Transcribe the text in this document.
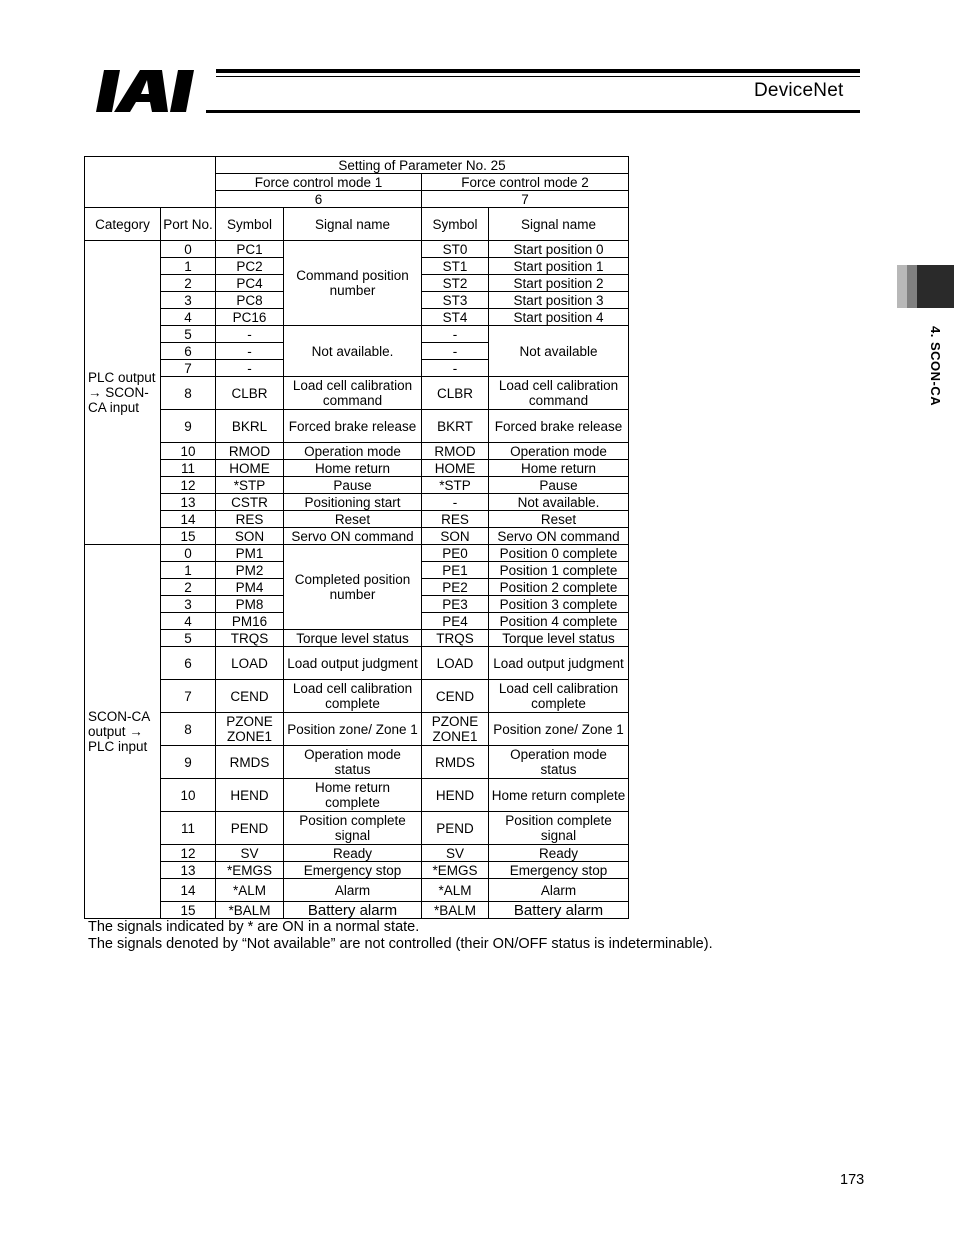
DeviceNet
4. SCON-CA
		Setting of Parameter No. 25			
		Force control mode 1		Force control mode 2	
		6		7	
Category	Port No.	Symbol	Signal name	Symbol	Signal name
PLC output → SCON-CA input	0	PC1	Command position number	ST0	Start position 0
	1	PC2		ST1	Start position 1
	2	PC4		ST2	Start position 2
	3	PC8		ST3	Start position 3
	4	PC16		ST4	Start position 4
	5	-	Not available.	-	Not available
	6	-		-	
	7	-		-	
	8	CLBR	Load cell calibration command	CLBR	Load cell calibration command
	9	BKRL	Forced brake release	BKRT	Forced brake release
	10	RMOD	Operation mode	RMOD	Operation mode
	11	HOME	Home return	HOME	Home return
	12	*STP	Pause	*STP	Pause
	13	CSTR	Positioning start	-	Not available.
	14	RES	Reset	RES	Reset
	15	SON	Servo ON command	SON	Servo ON command
SCON-CA output → PLC input	0	PM1	Completed position number	PE0	Position 0 complete
	1	PM2		PE1	Position 1 complete
	2	PM4		PE2	Position 2 complete
	3	PM8		PE3	Position 3 complete
	4	PM16		PE4	Position 4 complete
	5	TRQS	Torque level status	TRQS	Torque level status
	6	LOAD	Load output judgment	LOAD	Load output judgment
	7	CEND	Load cell calibration complete	CEND	Load cell calibration complete
	8	PZONE ZONE1	Position zone/ Zone 1	PZONE ZONE1	Position zone/ Zone 1
	9	RMDS	Operation mode status	RMDS	Operation mode status
	10	HEND	Home return complete	HEND	Home return complete
	11	PEND	Position complete signal	PEND	Position complete signal
	12	SV	Ready	SV	Ready
	13	*EMGS	Emergency stop	*EMGS	Emergency stop
	14	*ALM	Alarm	*ALM	Alarm
	15	*BALM	Battery alarm	*BALM	Battery alarm
The signals indicated by * are ON in a normal state.
The signals denoted by “Not available” are not controlled (their ON/OFF status is indeterminable).
173
